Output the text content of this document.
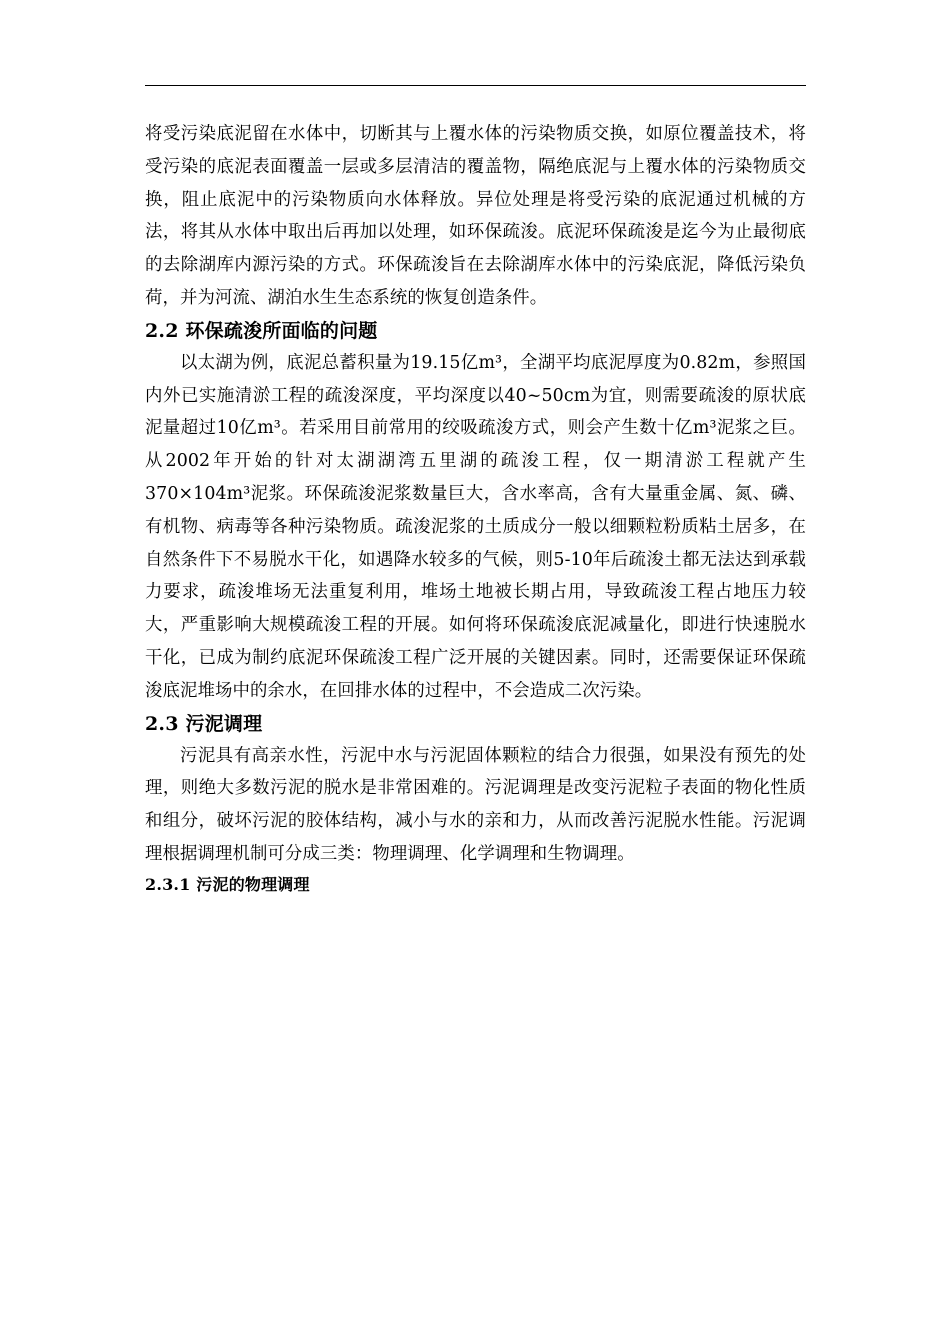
将受污染底泥留在水体中，切断其与上覆水体的污染物质交换，如原位覆盖技术，将受污染的底泥表面覆盖一层或多层清洁的覆盖物，隔绝底泥与上覆水体的污染物质交换，阻止底泥中的污染物质向水体释放。异位处理是将受污染的底泥通过机械的方法，将其从水体中取出后再加以处理，如环保疏浚。底泥环保疏浚是迄今为止最彻底的去除湖库内源污染的方式。环保疏浚旨在去除湖库水体中的污染底泥，降低污染负荷，并为河流、湖泊水生生态系统的恢复创造条件。

2.2 环保疏浚所面临的问题

以太湖为例，底泥总蓄积量为19.15亿m³，全湖平均底泥厚度为0.82m，参照国内外已实施清淤工程的疏浚深度，平均深度以40~50cm为宜，则需要疏浚的原状底泥量超过10亿m³。若采用目前常用的绞吸疏浚方式，则会产生数十亿m³泥浆之巨。从2002年开始的针对太湖湖湾五里湖的疏浚工程，仅一期清淤工程就产生370×104m³泥浆。环保疏浚泥浆数量巨大，含水率高，含有大量重金属、氮、磷、有机物、病毒等各种污染物质。疏浚泥浆的土质成分一般以细颗粒粉质粘土居多，在自然条件下不易脱水干化，如遇降水较多的气候，则5-10年后疏浚土都无法达到承载力要求，疏浚堆场无法重复利用，堆场土地被长期占用，导致疏浚工程占地压力较大，严重影响大规模疏浚工程的开展。如何将环保疏浚底泥减量化，即进行快速脱水干化，已成为制约底泥环保疏浚工程广泛开展的关键因素。同时，还需要保证环保疏浚底泥堆场中的余水，在回排水体的过程中，不会造成二次污染。

2.3 污泥调理

污泥具有高亲水性，污泥中水与污泥固体颗粒的结合力很强，如果没有预先的处理，则绝大多数污泥的脱水是非常困难的。污泥调理是改变污泥粒子表面的物化性质和组分，破坏污泥的胶体结构，减小与水的亲和力，从而改善污泥脱水性能。污泥调理根据调理机制可分成三类：物理调理、化学调理和生物调理。

2.3.1 污泥的物理调理
